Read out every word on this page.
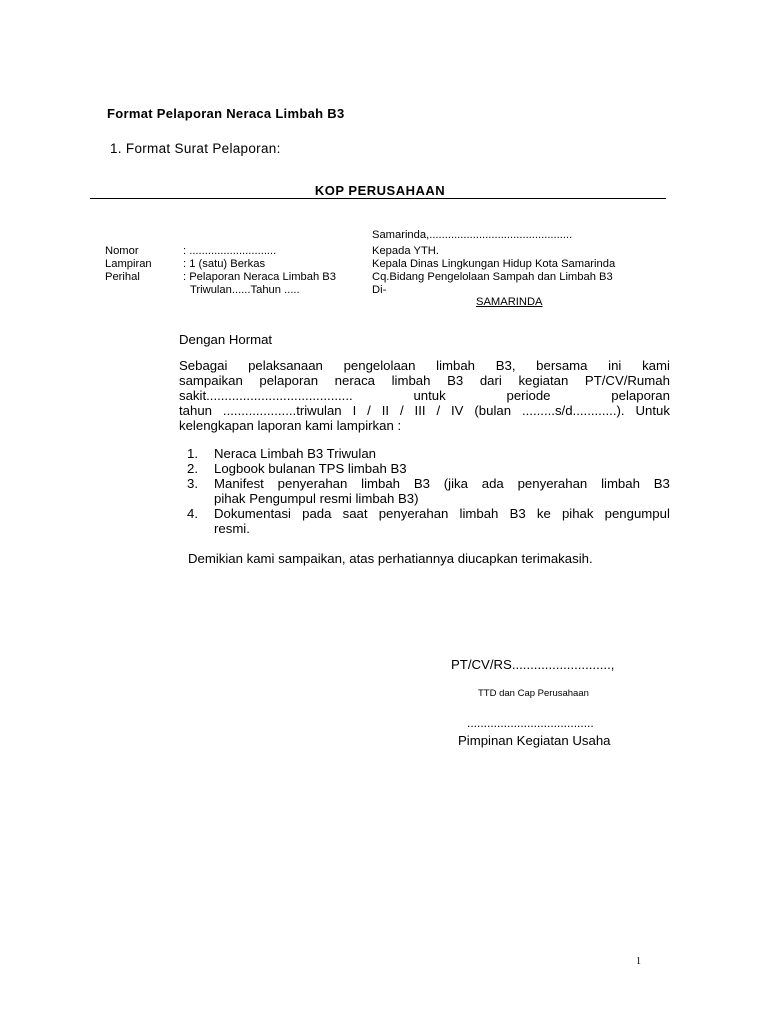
Format Pelaporan Neraca Limbah B3
1. Format Surat Pelaporan:
KOP PERUSAHAAN
Samarinda,..............................................
Nomor	: ............................
Lampiran	: 1 (satu) Berkas
Perihal	: Pelaporan Neraca Limbah B3
Triwulan......Tahun .....
Kepada YTH.
Kepala Dinas Lingkungan Hidup Kota Samarinda
Cq.Bidang Pengelolaan Sampah dan Limbah B3
Di-
SAMARINDA
Dengan Hormat
Sebagai pelaksanaan pengelolaan limbah B3, bersama ini kami
sampaikan pelaporan neraca limbah B3 dari kegiatan PT/CV/Rumah
sakit........................................	untuk	periode	pelaporan
tahun ....................triwulan I / II / III / IV (bulan .........s/d............). Untuk
kelengkapan laporan kami lampirkan :
1.	Neraca Limbah B3 Triwulan
2.	Logbook bulanan TPS limbah B3
3.	Manifest penyerahan limbah B3 (jika ada penyerahan limbah B3
pihak Pengumpul resmi limbah B3)
4.	Dokumentasi pada saat penyerahan limbah B3 ke pihak pengumpul
resmi.
Demikian kami sampaikan, atas perhatiannya diucapkan terimakasih.
PT/CV/RS...........................,
TTD dan Cap Perusahaan
......................................
Pimpinan Kegiatan Usaha
1
